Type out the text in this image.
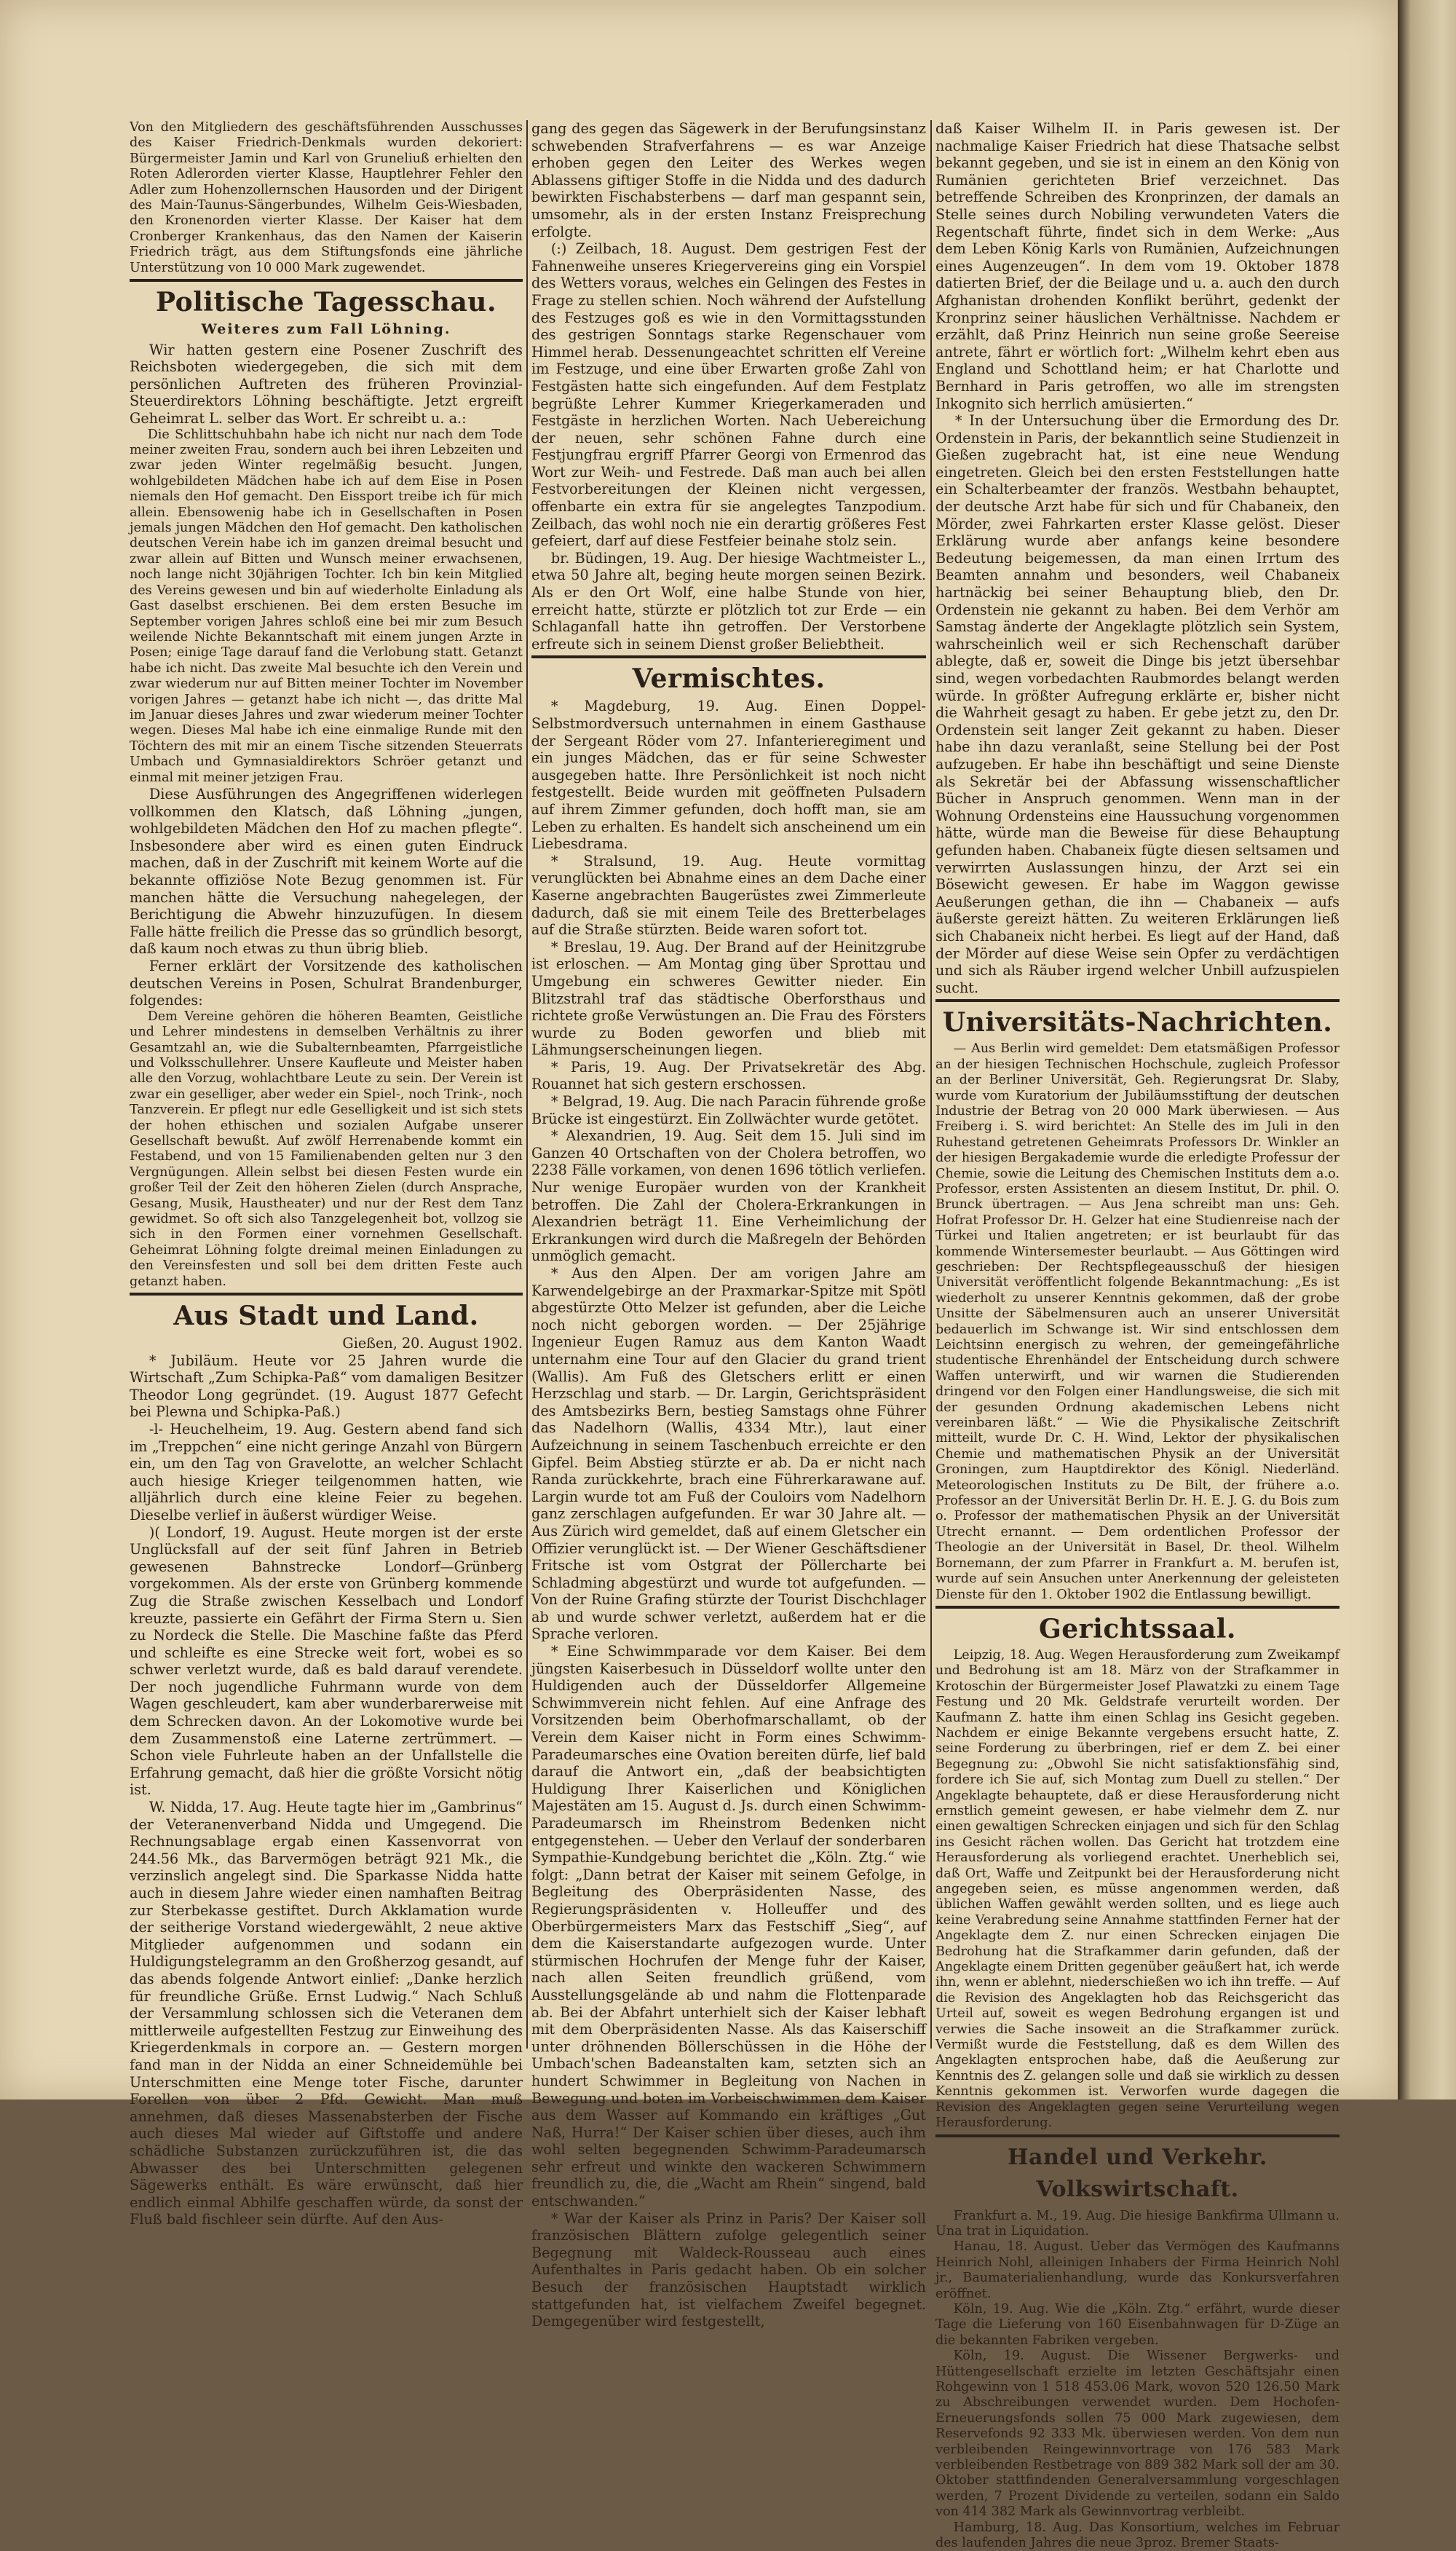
Von den Mitgliedern des geschäftsführenden Ausschusses des Kaiser Friedrich-Denkmals wurden dekoriert: Bürgermeister Jamin und Karl von Gruneliuß erhielten den Roten Adlerorden vierter Klasse, Hauptlehrer Fehler den Adler zum Hohenzollernschen Hausorden und der Dirigent des Main-Taunus-Sängerbundes, Wilhelm Geis-Wiesbaden, den Kronenorden vierter Klasse. Der Kaiser hat dem Cronberger Krankenhaus, das den Namen der Kaiserin Friedrich trägt, aus dem Stiftungsfonds eine jährliche Unterstützung von 10 000 Mark zugewendet.
Politische Tagesschau.
Weiteres zum Fall Löhning.

Wir hatten gestern eine Posener Zuschrift des Reichsboten wiedergegeben, die sich mit dem persönlichen Auftreten des früheren Provinzial-Steuerdirektors Löhning beschäftigte. Jetzt ergreift Geheimrat L. selber das Wort. Er schreibt u. a.:

Die Schlittschuhbahn habe ich nicht nur nach dem Tode meiner zweiten Frau, sondern auch bei ihren Lebzeiten und zwar jeden Winter regelmäßig besucht. Jungen, wohlgebildeten Mädchen habe ich auf dem Eise in Posen niemals den Hof gemacht. Den Eissport treibe ich für mich allein. Ebensowenig habe ich in Gesellschaften in Posen jemals jungen Mädchen den Hof gemacht. Den katholischen deutschen Verein habe ich im ganzen dreimal besucht und zwar allein auf Bitten und Wunsch meiner erwachsenen, noch lange nicht 30jährigen Tochter. Ich bin kein Mitglied des Vereins gewesen und bin auf wiederholte Einladung als Gast daselbst erschienen. Bei dem ersten Besuche im September vorigen Jahres schloß eine bei mir zum Besuch weilende Nichte Bekanntschaft mit einem jungen Arzte in Posen; einige Tage darauf fand die Verlobung statt. Getanzt habe ich nicht. Das zweite Mal besuchte ich den Verein und zwar wiederum nur auf Bitten meiner Tochter im November vorigen Jahres — getanzt habe ich nicht —, das dritte Mal im Januar dieses Jahres und zwar wiederum meiner Tochter wegen. Dieses Mal habe ich eine einmalige Runde mit den Töchtern des mit mir an einem Tische sitzenden Steuerrats Umbach und Gymnasialdirektors Schröer getanzt und einmal mit meiner jetzigen Frau.

Diese Ausführungen des Angegriffenen widerlegen vollkommen den Klatsch, daß Löhning „jungen, wohlgebildeten Mädchen den Hof zu machen pflegte“. Insbesondere aber wird es einen guten Eindruck machen, daß in der Zuschrift mit keinem Worte auf die bekannte offiziöse Note Bezug genommen ist. Für manchen hätte die Versuchung nahegelegen, der Berichtigung die Abwehr hinzuzufügen. In diesem Falle hätte freilich die Presse das so gründlich besorgt, daß kaum noch etwas zu thun übrig blieb.

Ferner erklärt der Vorsitzende des katholischen deutschen Vereins in Posen, Schulrat Brandenburger, folgendes:

Dem Vereine gehören die höheren Beamten, Geistliche und Lehrer mindestens in demselben Verhältnis zu ihrer Gesamtzahl an, wie die Subalternbeamten, Pfarrgeistliche und Volksschullehrer. Unsere Kaufleute und Meister haben alle den Vorzug, wohlachtbare Leute zu sein. Der Verein ist zwar ein geselliger, aber weder ein Spiel-, noch Trink-, noch Tanzverein. Er pflegt nur edle Geselligkeit und ist sich stets der hohen ethischen und sozialen Aufgabe unserer Gesellschaft bewußt. Auf zwölf Herrenabende kommt ein Festabend, und von 15 Familienabenden gelten nur 3 den Vergnügungen. Allein selbst bei diesen Festen wurde ein großer Teil der Zeit den höheren Zielen (durch Ansprache, Gesang, Musik, Haustheater) und nur der Rest dem Tanz gewidmet. So oft sich also Tanzgelegenheit bot, vollzog sie sich in den Formen einer vornehmen Gesellschaft. Geheimrat Löhning folgte dreimal meinen Einladungen zu den Vereinsfesten und soll bei dem dritten Feste auch getanzt haben.

Aus Stadt und Land.
Gießen, 20. August 1902.

* Jubiläum. Heute vor 25 Jahren wurde die Wirtschaft „Zum Schipka-Paß“ vom damaligen Besitzer Theodor Long gegründet. (19. August 1877 Gefecht bei Plewna und Schipka-Paß.)

-l- Heuchelheim, 19. Aug. Gestern abend fand sich im „Treppchen“ eine nicht geringe Anzahl von Bürgern ein, um den Tag von Gravelotte, an welcher Schlacht auch hiesige Krieger teilgenommen hatten, wie alljährlich durch eine kleine Feier zu begehen. Dieselbe verlief in äußerst würdiger Weise.

)( Londorf, 19. August. Heute morgen ist der erste Unglücksfall auf der seit fünf Jahren in Betrieb gewesenen Bahnstrecke Londorf—Grünberg vorgekommen. Als der erste von Grünberg kommende Zug die Straße zwischen Kesselbach und Londorf kreuzte, passierte ein Gefährt der Firma Stern u. Sien zu Nordeck die Stelle. Die Maschine faßte das Pferd und schleifte es eine Strecke weit fort, wobei es so schwer verletzt wurde, daß es bald darauf verendete. Der noch jugendliche Fuhrmann wurde von dem Wagen geschleudert, kam aber wunderbarerweise mit dem Schrecken davon. An der Lokomotive wurde bei dem Zusammenstoß eine Laterne zertrümmert. — Schon viele Fuhrleute haben an der Unfallstelle die Erfahrung gemacht, daß hier die größte Vorsicht nötig ist.

W. Nidda, 17. Aug. Heute tagte hier im „Gambrinus“ der Veteranenverband Nidda und Umgegend. Die Rechnungsablage ergab einen Kassenvorrat von 244.56 Mk., das Barvermögen beträgt 921 Mk., die verzinslich angelegt sind. Die Sparkasse Nidda hatte auch in diesem Jahre wieder einen namhaften Beitrag zur Sterbekasse gestiftet. Durch Akklamation wurde der seitherige Vorstand wiedergewählt, 2 neue aktive Mitglieder aufgenommen und sodann ein Huldigungstelegramm an den Großherzog gesandt, auf das abends folgende Antwort einlief: „Danke herzlich für freundliche Grüße. Ernst Ludwig.“ Nach Schluß der Versammlung schlossen sich die Veteranen dem mittlerweile aufgestellten Festzug zur Einweihung des Kriegerdenkmals in corpore an. — Gestern morgen fand man in der Nidda an einer Schneidemühle bei Unterschmitten eine Menge toter Fische, darunter Forellen von über 2 Pfd. Gewicht. Man muß annehmen, daß dieses Massenabsterben der Fische auch dieses Mal wieder auf Giftstoffe und andere schädliche Substanzen zurückzuführen ist, die das Abwasser des bei Unterschmitten gelegenen Sägewerks enthält. Es wäre erwünscht, daß hier endlich einmal Abhilfe geschaffen würde, da sonst der Fluß bald fischleer sein dürfte. Auf den Aus-

gang des gegen das Sägewerk in der Berufungsinstanz schwebenden Strafverfahrens — es war Anzeige erhoben gegen den Leiter des Werkes wegen Ablassens giftiger Stoffe in die Nidda und des dadurch bewirkten Fischabsterbens — darf man gespannt sein, umsomehr, als in der ersten Instanz Freisprechung erfolgte.

(:) Zeilbach, 18. August. Dem gestrigen Fest der Fahnenweihe unseres Kriegervereins ging ein Vorspiel des Wetters voraus, welches ein Gelingen des Festes in Frage zu stellen schien. Noch während der Aufstellung des Festzuges goß es wie in den Vormittagsstunden des gestrigen Sonntags starke Regenschauer vom Himmel herab. Dessenungeachtet schritten elf Vereine im Festzuge, und eine über Erwarten große Zahl von Festgästen hatte sich eingefunden. Auf dem Festplatz begrüßte Lehrer Kummer Kriegerkameraden und Festgäste in herzlichen Worten. Nach Uebereichung der neuen, sehr schönen Fahne durch eine Festjungfrau ergriff Pfarrer Georgi von Ermenrod das Wort zur Weih- und Festrede. Daß man auch bei allen Festvorbereitungen der Kleinen nicht vergessen, offenbarte ein extra für sie angelegtes Tanzpodium. Zeilbach, das wohl noch nie ein derartig größeres Fest gefeiert, darf auf diese Festfeier beinahe stolz sein.

br. Büdingen, 19. Aug. Der hiesige Wachtmeister L., etwa 50 Jahre alt, beging heute morgen seinen Bezirk. Als er den Ort Wolf, eine halbe Stunde von hier, erreicht hatte, stürzte er plötzlich tot zur Erde — ein Schlaganfall hatte ihn getroffen. Der Verstorbene erfreute sich in seinem Dienst großer Beliebtheit.

Vermischtes.

* Magdeburg, 19. Aug. Einen Doppel-Selbstmordversuch unternahmen in einem Gasthause der Sergeant Röder vom 27. Infanterieregiment und ein junges Mädchen, das er für seine Schwester ausgegeben hatte. Ihre Persönlichkeit ist noch nicht festgestellt. Beide wurden mit geöffneten Pulsadern auf ihrem Zimmer gefunden, doch hofft man, sie am Leben zu erhalten. Es handelt sich anscheinend um ein Liebesdrama.

* Stralsund, 19. Aug. Heute vormittag verunglückten bei Abnahme eines an dem Dache einer Kaserne angebrachten Baugerüstes zwei Zimmerleute dadurch, daß sie mit einem Teile des Bretterbelages auf die Straße stürzten. Beide waren sofort tot.

* Breslau, 19. Aug. Der Brand auf der Heinitzgrube ist erloschen. — Am Montag ging über Sprottau und Umgebung ein schweres Gewitter nieder. Ein Blitzstrahl traf das städtische Oberforsthaus und richtete große Verwüstungen an. Die Frau des Försters wurde zu Boden geworfen und blieb mit Lähmungserscheinungen liegen.

* Paris, 19. Aug. Der Privatsekretär des Abg. Rouannet hat sich gestern erschossen.

* Belgrad, 19. Aug. Die nach Paracin führende große Brücke ist eingestürzt. Ein Zollwächter wurde getötet.

* Alexandrien, 19. Aug. Seit dem 15. Juli sind im Ganzen 40 Ortschaften von der Cholera betroffen, wo 2238 Fälle vorkamen, von denen 1696 tötlich verliefen. Nur wenige Europäer wurden von der Krankheit betroffen. Die Zahl der Cholera-Erkrankungen in Alexandrien beträgt 11. Eine Verheimlichung der Erkrankungen wird durch die Maßregeln der Behörden unmöglich gemacht.

* Aus den Alpen. Der am vorigen Jahre am Karwendelgebirge an der Praxmarkar-Spitze mit Spötl abgestürzte Otto Melzer ist gefunden, aber die Leiche noch nicht geborgen worden. — Der 25jährige Ingenieur Eugen Ramuz aus dem Kanton Waadt unternahm eine Tour auf den Glacier du grand trient (Wallis). Am Fuß des Gletschers erlitt er einen Herzschlag und starb. — Dr. Largin, Gerichtspräsident des Amtsbezirks Bern, bestieg Samstags ohne Führer das Nadelhorn (Wallis, 4334 Mtr.), laut einer Aufzeichnung in seinem Taschenbuch erreichte er den Gipfel. Beim Abstieg stürzte er ab. Da er nicht nach Randa zurückkehrte, brach eine Führerkarawane auf. Largin wurde tot am Fuß der Couloirs vom Nadelhorn ganz zerschlagen aufgefunden. Er war 30 Jahre alt. — Aus Zürich wird gemeldet, daß auf einem Gletscher ein Offizier verunglückt ist. — Der Wiener Geschäftsdiener Fritsche ist vom Ostgrat der Pöllercharte bei Schladming abgestürzt und wurde tot aufgefunden. — Von der Ruine Grafing stürzte der Tourist Dischchlager ab und wurde schwer verletzt, außerdem hat er die Sprache verloren.

* Eine Schwimmparade vor dem Kaiser. Bei dem jüngsten Kaiserbesuch in Düsseldorf wollte unter den Huldigenden auch der Düsseldorfer Allgemeine Schwimmverein nicht fehlen. Auf eine Anfrage des Vorsitzenden beim Oberhofmarschallamt, ob der Verein dem Kaiser nicht in Form eines Schwimm-Paradeumarsches eine Ovation bereiten dürfe, lief bald darauf die Antwort ein, „daß der beabsichtigten Huldigung Ihrer Kaiserlichen und Königlichen Majestäten am 15. August d. Js. durch einen Schwimm-Paradeumarsch im Rheinstrom Bedenken nicht entgegenstehen. — Ueber den Verlauf der sonderbaren Sympathie-Kundgebung berichtet die „Köln. Ztg.“ wie folgt: „Dann betrat der Kaiser mit seinem Gefolge, in Begleitung des Oberpräsidenten Nasse, des Regierungspräsidenten v. Holleuffer und des Oberbürgermeisters Marx das Festschiff „Sieg“, auf dem die Kaiserstandarte aufgezogen wurde. Unter stürmischen Hochrufen der Menge fuhr der Kaiser, nach allen Seiten freundlich grüßend, vom Ausstellungsgelände ab und nahm die Flottenparade ab. Bei der Abfahrt unterhielt sich der Kaiser lebhaft mit dem Oberpräsidenten Nasse. Als das Kaiserschiff unter dröhnenden Böllerschüssen in die Höhe der Umbach'schen Badeanstalten kam, setzten sich an hundert Schwimmer in Begleitung von Nachen in Bewegung und boten im Vorbeischwimmen dem Kaiser aus dem Wasser auf Kommando ein kräftiges „Gut Naß, Hurra!“ Der Kaiser schien über dieses, auch ihm wohl selten begegnenden Schwimm-Paradeumarsch sehr erfreut und winkte den wackeren Schwimmern freundlich zu, die, die „Wacht am Rhein“ singend, bald entschwanden.“

* War der Kaiser als Prinz in Paris? Der Kaiser soll französischen Blättern zufolge gelegentlich seiner Begegnung mit Waldeck-Rousseau auch eines Aufenthaltes in Paris gedacht haben. Ob ein solcher Besuch der französischen Hauptstadt wirklich stattgefunden hat, ist vielfachem Zweifel begegnet. Demgegenüber wird festgestellt,

daß Kaiser Wilhelm II. in Paris gewesen ist. Der nachmalige Kaiser Friedrich hat diese Thatsache selbst bekannt gegeben, und sie ist in einem an den König von Rumänien gerichteten Brief verzeichnet. Das betreffende Schreiben des Kronprinzen, der damals an Stelle seines durch Nobiling verwundeten Vaters die Regentschaft führte, findet sich in dem Werke: „Aus dem Leben König Karls von Rumänien, Aufzeichnungen eines Augenzeugen“. In dem vom 19. Oktober 1878 datierten Brief, der die Beilage und u. a. auch den durch Afghanistan drohenden Konflikt berührt, gedenkt der Kronprinz seiner häuslichen Verhältnisse. Nachdem er erzählt, daß Prinz Heinrich nun seine große Seereise antrete, fährt er wörtlich fort: „Wilhelm kehrt eben aus England und Schottland heim; er hat Charlotte und Bernhard in Paris getroffen, wo alle im strengsten Inkognito sich herrlich amüsierten.“

* In der Untersuchung über die Ermordung des Dr. Ordenstein in Paris, der bekanntlich seine Studienzeit in Gießen zugebracht hat, ist eine neue Wendung eingetreten. Gleich bei den ersten Feststellungen hatte ein Schalterbeamter der französ. Westbahn behauptet, der deutsche Arzt habe für sich und für Chabaneix, den Mörder, zwei Fahrkarten erster Klasse gelöst. Dieser Erklärung wurde aber anfangs keine besondere Bedeutung beigemessen, da man einen Irrtum des Beamten annahm und besonders, weil Chabaneix hartnäckig bei seiner Behauptung blieb, den Dr. Ordenstein nie gekannt zu haben. Bei dem Verhör am Samstag änderte der Angeklagte plötzlich sein System, wahrscheinlich weil er sich Rechenschaft darüber ablegte, daß er, soweit die Dinge bis jetzt übersehbar sind, wegen vorbedachten Raubmordes belangt werden würde. In größter Aufregung erklärte er, bisher nicht die Wahrheit gesagt zu haben. Er gebe jetzt zu, den Dr. Ordenstein seit langer Zeit gekannt zu haben. Dieser habe ihn dazu veranlaßt, seine Stellung bei der Post aufzugeben. Er habe ihn beschäftigt und seine Dienste als Sekretär bei der Abfassung wissenschaftlicher Bücher in Anspruch genommen. Wenn man in der Wohnung Ordensteins eine Haussuchung vorgenommen hätte, würde man die Beweise für diese Behauptung gefunden haben. Chabaneix fügte diesen seltsamen und verwirrten Auslassungen hinzu, der Arzt sei ein Bösewicht gewesen. Er habe im Waggon gewisse Aeußerungen gethan, die ihn — Chabaneix — aufs äußerste gereizt hätten. Zu weiteren Erklärungen ließ sich Chabaneix nicht herbei. Es liegt auf der Hand, daß der Mörder auf diese Weise sein Opfer zu verdächtigen und sich als Räuber irgend welcher Unbill aufzuspielen sucht.

Universitäts-Nachrichten.

— Aus Berlin wird gemeldet: Dem etatsmäßigen Professor an der hiesigen Technischen Hochschule, zugleich Professor an der Berliner Universität, Geh. Regierungsrat Dr. Slaby, wurde vom Kuratorium der Jubiläumsstiftung der deutschen Industrie der Betrag von 20 000 Mark überwiesen. — Aus Freiberg i. S. wird berichtet: An Stelle des im Juli in den Ruhestand getretenen Geheimrats Professors Dr. Winkler an der hiesigen Bergakademie wurde die erledigte Professur der Chemie, sowie die Leitung des Chemischen Instituts dem a.o. Professor, ersten Assistenten an diesem Institut, Dr. phil. O. Brunck übertragen. — Aus Jena schreibt man uns: Geh. Hofrat Professor Dr. H. Gelzer hat eine Studienreise nach der Türkei und Italien angetreten; er ist beurlaubt für das kommende Wintersemester beurlaubt. — Aus Göttingen wird geschrieben: Der Rechtspflegeausschuß der hiesigen Universität veröffentlicht folgende Bekanntmachung: „Es ist wiederholt zu unserer Kenntnis gekommen, daß der grobe Unsitte der Säbelmensuren auch an unserer Universität bedauerlich im Schwange ist. Wir sind entschlossen dem Leichtsinn energisch zu wehren, der gemeingefährliche studentische Ehrenhändel der Entscheidung durch schwere Waffen unterwirft, und wir warnen die Studierenden dringend vor den Folgen einer Handlungsweise, die sich mit der gesunden Ordnung akademischen Lebens nicht vereinbaren läßt.“ — Wie die Physikalische Zeitschrift mitteilt, wurde Dr. C. H. Wind, Lektor der physikalischen Chemie und mathematischen Physik an der Universität Groningen, zum Hauptdirektor des Königl. Niederländ. Meteorologischen Instituts zu De Bilt, der frühere a.o. Professor an der Universität Berlin Dr. H. E. J. G. du Bois zum o. Professor der mathematischen Physik an der Universität Utrecht ernannt. — Dem ordentlichen Professor der Theologie an der Universität in Basel, Dr. theol. Wilhelm Bornemann, der zum Pfarrer in Frankfurt a. M. berufen ist, wurde auf sein Ansuchen unter Anerkennung der geleisteten Dienste für den 1. Oktober 1902 die Entlassung bewilligt.

Gerichtssaal.

Leipzig, 18. Aug. Wegen Herausforderung zum Zweikampf und Bedrohung ist am 18. März von der Strafkammer in Krotoschin der Bürgermeister Josef Plawatzki zu einem Tage Festung und 20 Mk. Geldstrafe verurteilt worden. Der Kaufmann Z. hatte ihm einen Schlag ins Gesicht gegeben. Nachdem er einige Bekannte vergebens ersucht hatte, Z. seine Forderung zu überbringen, rief er dem Z. bei einer Begegnung zu: „Obwohl Sie nicht satisfaktionsfähig sind, fordere ich Sie auf, sich Montag zum Duell zu stellen.“ Der Angeklagte behauptete, daß er diese Herausforderung nicht ernstlich gemeint gewesen, er habe vielmehr dem Z. nur einen gewaltigen Schrecken einjagen und sich für den Schlag ins Gesicht rächen wollen. Das Gericht hat trotzdem eine Herausforderung als vorliegend erachtet. Unerheblich sei, daß Ort, Waffe und Zeitpunkt bei der Herausforderung nicht angegeben seien, es müsse angenommen werden, daß üblichen Waffen gewählt werden sollten, und es liege auch keine Verabredung seine Annahme stattfinden Ferner hat der Angeklagte dem Z. nur einen Schrecken einjagen Die Bedrohung hat die Strafkammer darin gefunden, daß der Angeklagte einem Dritten gegenüber geäußert hat, ich werde ihn, wenn er ablehnt, niederschießen wo ich ihn treffe. — Auf die Revision des Angeklagten hob das Reichsgericht das Urteil auf, soweit es wegen Bedrohung ergangen ist und verwies die Sache insoweit an die Strafkammer zurück. Vermißt wurde die Feststellung, daß es dem Willen des Angeklagten entsprochen habe, daß die Aeußerung zur Kenntnis des Z. gelangen solle und daß sie wirklich zu dessen Kenntnis gekommen ist. Verworfen wurde dagegen die Revision des Angeklagten gegen seine Verurteilung wegen Herausforderung.

Handel und Verkehr. Volkswirtschaft.

Frankfurt a. M., 19. Aug. Die hiesige Bankfirma Ullmann u. Una trat in Liquidation.

Hanau, 18. August. Ueber das Vermögen des Kaufmanns Heinrich Nohl, alleinigen Inhabers der Firma Heinrich Nohl jr., Baumaterialienhandlung, wurde das Konkursverfahren eröffnet.

Köln, 19. Aug. Wie die „Köln. Ztg.“ erfährt, wurde dieser Tage die Lieferung von 160 Eisenbahnwagen für D-Züge an die bekannten Fabriken vergeben.

Köln, 19. August. Die Wissener Bergwerks- und Hüttengesellschaft erzielte im letzten Geschäftsjahr einen Rohgewinn von 1 518 453.06 Mark, wovon 520 126.50 Mark zu Abschreibungen verwendet wurden. Dem Hochofen-Erneuerungsfonds sollen 75 000 Mark zugewiesen, dem Reservefonds 92 333 Mk. überwiesen werden. Von dem nun verbleibenden Reingewinnvortrage von 176 583 Mark verbleibenden Restbetrage von 889 382 Mark soll der am 30. Oktober stattfindenden Generalversammlung vorgeschlagen werden, 7 Prozent Dividende zu verteilen, sodann ein Saldo von 414 382 Mark als Gewinnvortrag verbleibt.

Hamburg, 18. Aug. Das Konsortium, welches im Februar des laufenden Jahres die neue 3proz. Bremer Staats-
